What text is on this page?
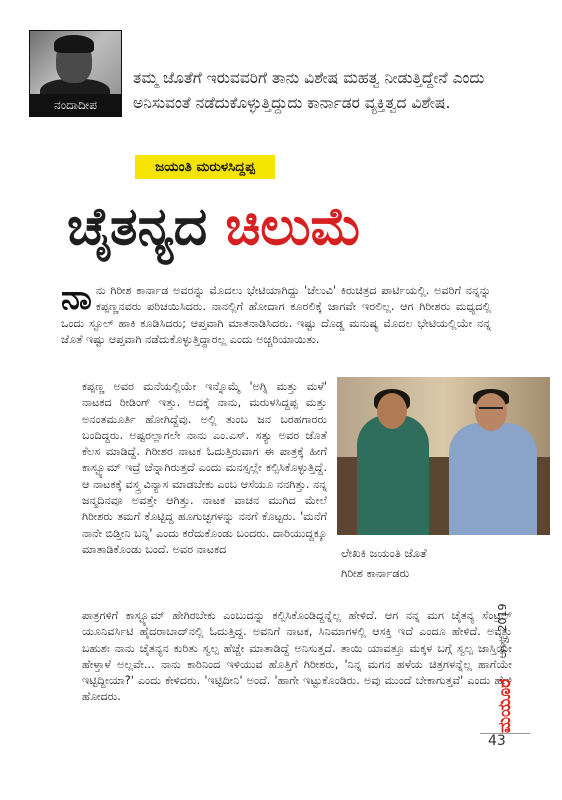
ನಂದಾದೀಪ
ತಮ್ಮ ಜೊತೆಗೆ ಇರುವವರಿಗೆ ತಾನು ವಿಶೇಷ ಮಹತ್ವ ನೀಡುತ್ತಿದ್ದೇನೆ ಎಂದು ಅನಿಸುವಂತೆ ನಡೆದುಕೊಳ್ಳುತ್ತಿದ್ದುದು ಕಾರ್ನಾಡರ ವ್ಯಕ್ತಿತ್ವದ ವಿಶೇಷ.
ಜಯಂತಿ ಮರುಳಸಿದ್ದಪ್ಪ
ಚೈತನ್ಯದ ಚಿಲುಮೆ
ನಾನು ಗಿರೀಶ ಕಾರ್ನಾಡ ಅವರನ್ನು ಮೊದಲು ಭೇಟಿಯಾಗಿದ್ದು 'ಚೆಲುವಿ' ಕಿರುಚಿತ್ರದ ಪಾರ್ಟಿಯಲ್ಲಿ. ಅವರಿಗೆ ನನ್ನನ್ನು ಕಪ್ಪಣ್ಣನವರು ಪರಿಚಯಿಸಿದರು. ನಾನಲ್ಲಿಗೆ ಹೋದಾಗ ಕೂರಲಿಕ್ಕೆ ಜಾಗವೇ ಇರಲಿಲ್ಲ. ಆಗ ಗಿರೀಶರು ಮಧ್ಯದಲ್ಲಿ ಒಂದು ಸ್ಟೂಲ್ ಹಾಕಿ ಕೂಡಿಸಿದರು; ಆಪ್ತವಾಗಿ ಮಾತನಾಡಿಸಿದರು. ಇಷ್ಟು ದೊಡ್ಡ ಮನುಷ್ಯ ಮೊದಲ ಭೇಟಿಯಲ್ಲಿಯೇ ನನ್ನ ಜೊತೆ ಇಷ್ಟು ಆಪ್ತವಾಗಿ ನಡೆದುಕೊಳ್ಳುತ್ತಿದ್ದಾರಲ್ಲ ಎಂದು ಅಚ್ಚರಿಯಾಯಿತು.
ಕಪ್ಪಣ್ಣ ಅವರ ಮನೆಯಲ್ಲಿಯೇ ಇನ್ನೊಮ್ಮೆ 'ಅಗ್ನಿ ಮತ್ತು ಮಳೆ' ನಾಟಕದ ರೀಡಿಂಗ್ ಇತ್ತು. ಅದಕ್ಕೆ ನಾನು, ಮರುಳಸಿದ್ದಪ್ಪ ಮತ್ತು ಅನಂತಮೂರ್ತಿ ಹೋಗಿದ್ದೆವು. ಅಲ್ಲಿ ತುಂಬ ಜನ ಬರಹಗಾರರು ಬಂದಿದ್ದರು. ಅಷ್ಟರಲ್ಲಾಗಲೇ ನಾನು ಎಂ.ಎಸ್. ಸತ್ಯು ಅವರ ಜೊತೆ ಕೆಲಸ ಮಾಡಿದ್ದೆ. ಗಿರೀಶರ ನಾಟಕ ಓದುತ್ತಿರುವಾಗ ಈ ಪಾತ್ರಕ್ಕೆ ಹೀಗೆ ಕಾಸ್ಟ್ಯೂಮ್ ಇದ್ರೆ ಚೆನ್ನಾಗಿರುತ್ತದೆ ಎಂದು ಮನಸ್ಸಲ್ಲೇ ಕಲ್ಪಿಸಿಕೊಳ್ಳುತ್ತಿದ್ದೆ. ಆ ನಾಟಕಕ್ಕೆ ವಸ್ತ್ರ ವಿನ್ಯಾಸ ಮಾಡಬೇಕು ಎಂಬ ಆಸೆಯೂ ನನಗಿತ್ತು. ನನ್ನ ಜನ್ಮದಿನವೂ ಅವತ್ತೇ ಆಗಿತ್ತು. ನಾಟಕ ವಾಚನ ಮುಗಿದ ಮೇಲೆ ಗಿರೀಶರು ತಮಗೆ ಕೊಟ್ಟಿದ್ದ ಹೂಗುಚ್ಛಗಳನ್ನು ನನಗೆ ಕೊಟ್ಟರು. 'ಮನೆಗೆ ನಾನೇ ಬಿಡ್ತೀನಿ ಬನ್ನಿ' ಎಂದು ಕರೆದುಕೊಂಡು ಬಂದರು. ದಾರಿಯುದ್ದಕ್ಕೂ ಮಾತಾಡಿಕೊಂಡು ಬಂದೆ. ಅವರ ನಾಟಕದ	ಲೇಖಕಿ ಜಯಂತಿ ಜೊತೆ
ಗಿರೀಶ ಕಾರ್ನಾಡರು
ಪಾತ್ರಗಳಿಗೆ ಕಾಸ್ಟ್ಯೂಮ್ ಹೇಗಿರಬೇಕು ಎಂಬುದನ್ನು ಕಲ್ಪಿಸಿಕೊಂಡಿದ್ದನ್ನೆಲ್ಲ ಹೇಳಿದೆ. ಆಗ ನನ್ನ ಮಗ ಚೈತನ್ಯ ಸೆಂಟ್ರಲ್ ಯೂನಿವರ್ಸಿಟಿ ಹೈದರಾಬಾದ್‌ನಲ್ಲಿ ಓದುತ್ತಿದ್ದ. ಅವನಿಗೆ ನಾಟಕ, ಸಿನಿಮಾಗಳಲ್ಲಿ ಆಸಕ್ತಿ ಇದೆ ಎಂದೂ ಹೇಳಿದೆ. ಅವತ್ತು ಬಹುಶಃ ನಾನು ಚೈತನ್ಯನ ಕುರಿತು ಸ್ವಲ್ಪ ಹೆಚ್ಚೇ ಮಾತಾಡಿದ್ದೆ ಅನಿಸುತ್ತದೆ. ತಾಯಿ ಯಾವತ್ತೂ ಮಕ್ಕಳ ಬಗ್ಗೆ ಸ್ವಲ್ಪ ಜಾಸ್ತಿಯೇ ಹೇಳ್ತಾಳೆ ಅಲ್ಲವೇ... ನಾನು ಕಾರಿನಿಂದ ಇಳಿಯುವ ಹೊತ್ತಿಗೆ ಗಿರೀಶರು, 'ನಿನ್ನ ಮಗನ ಹಳೆಯ ಚಿತ್ರಗಳನ್ನೆಲ್ಲ ಹಾಗೆಯೇ ಇಟ್ಟಿದ್ದೀಯಾ?' ಎಂದು ಕೇಳಿದರು. 'ಇಟ್ಟಿದೀನಿ' ಅಂದೆ. 'ಹಾಗೇ ಇಟ್ಟುಕೊಂಡಿರು. ಅವು ಮುಂದೆ ಬೇಕಾಗುತ್ತವೆ' ಎಂದು ಹೇಳಿ ಹೋದರು.
ಆಗಸ್ಟ್ 2019
ಮಯೂರ
43
